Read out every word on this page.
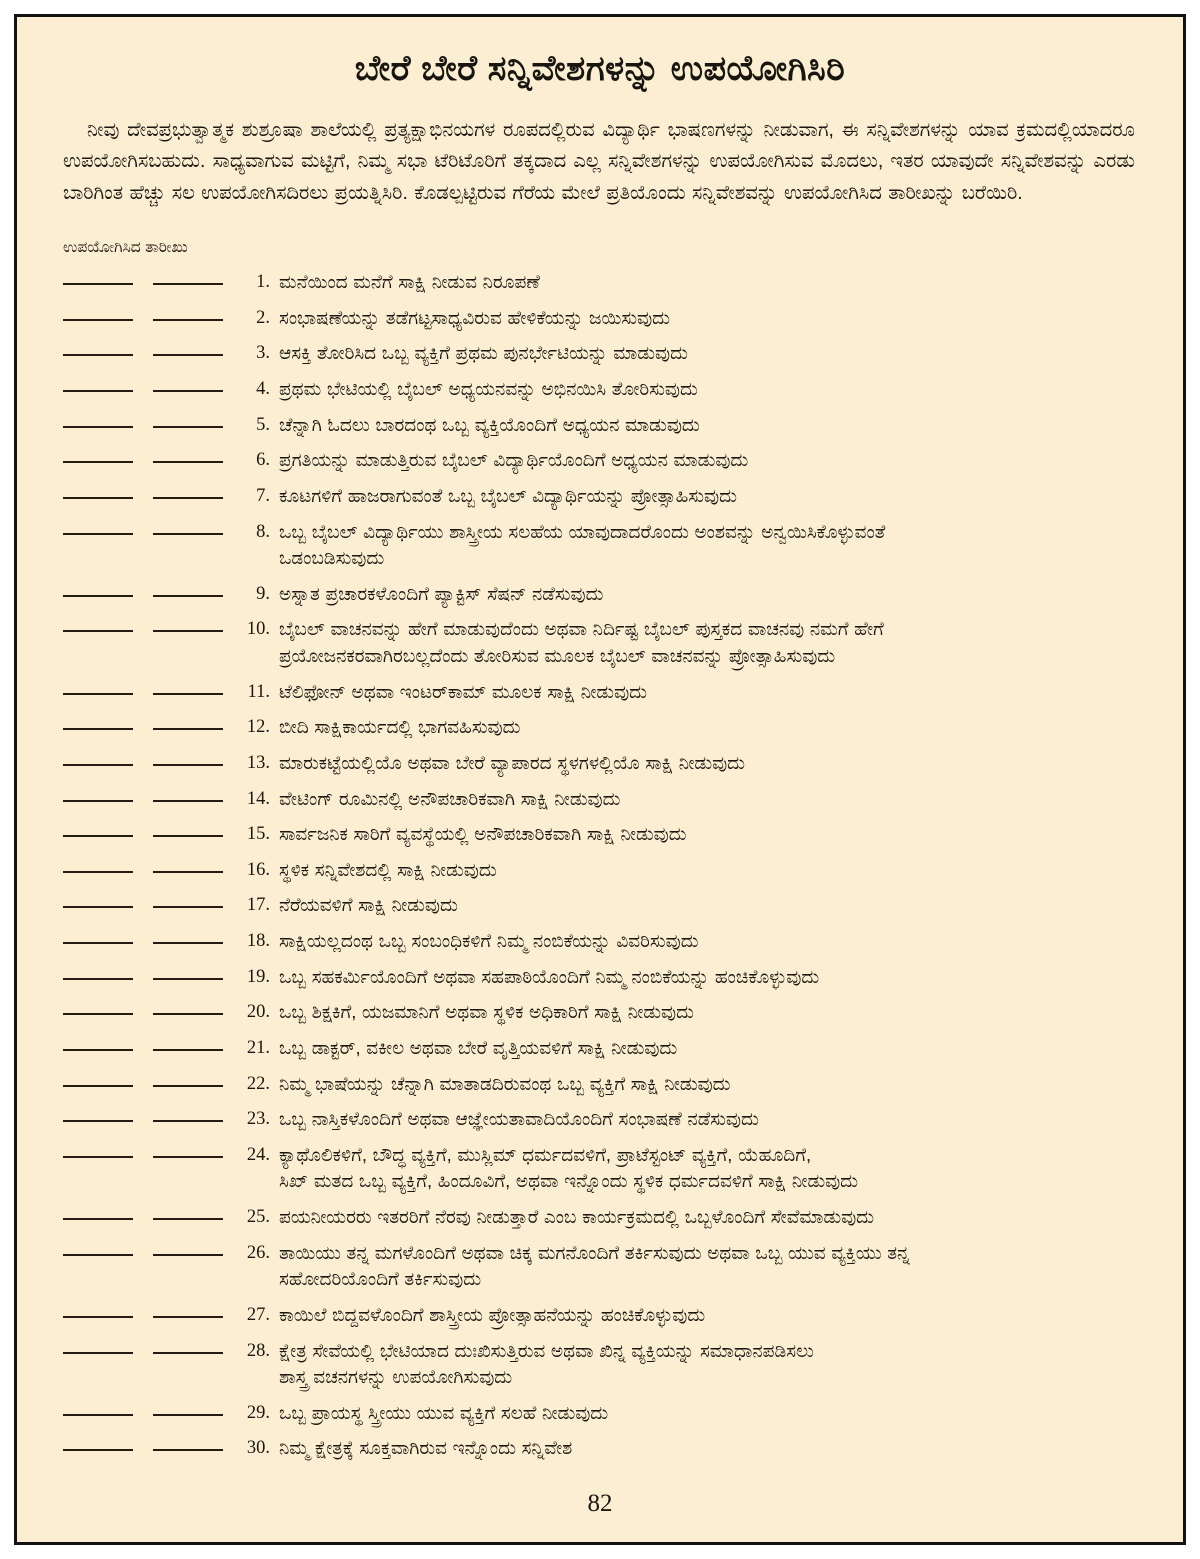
ಬೇರೆ ಬೇರೆ ಸನ್ನಿವೇಶಗಳನ್ನು ಉಪಯೋಗಿಸಿರಿ

ನೀವು ದೇವಪ್ರಭುತ್ವಾತ್ಮಕ ಶುಶ್ರೂಷಾ ಶಾಲೆಯಲ್ಲಿ ಪ್ರತ್ಯಕ್ಷಾಭಿನಯಗಳ ರೂಪದಲ್ಲಿರುವ ವಿದ್ಯಾರ್ಥಿ ಭಾಷಣಗಳನ್ನು ನೀಡುವಾಗ, ಈ ಸನ್ನಿವೇಶಗಳನ್ನು ಯಾವ ಕ್ರಮದಲ್ಲಿಯಾದರೂ ಉಪಯೋಗಿಸಬಹುದು. ಸಾಧ್ಯವಾಗುವ ಮಟ್ಟಿಗೆ, ನಿಮ್ಮ ಸಭಾ ಟೆರಿಟೊರಿಗೆ ತಕ್ಕದಾದ ಎಲ್ಲ ಸನ್ನಿವೇಶಗಳನ್ನು ಉಪಯೋಗಿಸುವ ಮೊದಲು, ಇತರ ಯಾವುದೇ ಸನ್ನಿವೇಶವನ್ನು ಎರಡು ಬಾರಿಗಿಂತ ಹೆಚ್ಚು ಸಲ ಉಪಯೋಗಿಸದಿರಲು ಪ್ರಯತ್ನಿಸಿರಿ. ಕೊಡಲ್ಪಟ್ಟಿರುವ ಗೆರೆಯ ಮೇಲೆ ಪ್ರತಿಯೊಂದು ಸನ್ನಿವೇಶವನ್ನು ಉಪಯೋಗಿಸಿದ ತಾರೀಖನ್ನು ಬರೆಯಿರಿ.

ಉಪಯೋಗಿಸಿದ ತಾರೀಖು
1. ಮನೆಯಿಂದ ಮನೆಗೆ ಸಾಕ್ಷಿ ನೀಡುವ ನಿರೂಪಣೆ
2. ಸಂಭಾಷಣೆಯನ್ನು ತಡೆಗಟ್ಟಸಾಧ್ಯವಿರುವ ಹೇಳಿಕೆಯನ್ನು ಜಯಿಸುವುದು
3. ಆಸಕ್ತಿ ತೋರಿಸಿದ ಒಬ್ಬ ವ್ಯಕ್ತಿಗೆ ಪ್ರಥಮ ಪುನರ್ಭೇಟಿಯನ್ನು ಮಾಡುವುದು
4. ಪ್ರಥಮ ಭೇಟಿಯಲ್ಲಿ ಬೈಬಲ್ ಅಧ್ಯಯನವನ್ನು ಅಭಿನಯಿಸಿ ತೋರಿಸುವುದು
5. ಚೆನ್ನಾಗಿ ಓದಲು ಬಾರದಂಥ ಒಬ್ಬ ವ್ಯಕ್ತಿಯೊಂದಿಗೆ ಅಧ್ಯಯನ ಮಾಡುವುದು
6. ಪ್ರಗತಿಯನ್ನು ಮಾಡುತ್ತಿರುವ ಬೈಬಲ್ ವಿದ್ಯಾರ್ಥಿಯೊಂದಿಗೆ ಅಧ್ಯಯನ ಮಾಡುವುದು
7. ಕೂಟಗಳಿಗೆ ಹಾಜರಾಗುವಂತೆ ಒಬ್ಬ ಬೈಬಲ್ ವಿದ್ಯಾರ್ಥಿಯನ್ನು ಪ್ರೋತ್ಸಾಹಿಸುವುದು
8. ಒಬ್ಬ ಬೈಬಲ್ ವಿದ್ಯಾರ್ಥಿಯು ಶಾಸ್ತ್ರೀಯ ಸಲಹೆಯ ಯಾವುದಾದರೊಂದು ಅಂಶವನ್ನು ಅನ್ವಯಿಸಿಕೊಳ್ಳುವಂತೆ
ಒಡಂಬಡಿಸುವುದು
9. ಅಸ್ನಾತ ಪ್ರಚಾರಕಳೊಂದಿಗೆ ಪ್ಯಾಕ್ಟಿಸ್ ಸೆಷನ್ ನಡೆಸುವುದು
10. ಬೈಬಲ್ ವಾಚನವನ್ನು ಹೇಗೆ ಮಾಡುವುದೆಂದು ಅಥವಾ ನಿರ್ದಿಷ್ಟ ಬೈಬಲ್ ಪುಸ್ತಕದ ವಾಚನವು ನಮಗೆ ಹೇಗೆ
ಪ್ರಯೋಜನಕರವಾಗಿರಬಲ್ಲದೆಂದು ತೋರಿಸುವ ಮೂಲಕ ಬೈಬಲ್ ವಾಚನವನ್ನು ಪ್ರೋತ್ಸಾಹಿಸುವುದು
11. ಟೆಲಿಫೋನ್ ಅಥವಾ ಇಂಟರ್‌ಕಾಮ್ ಮೂಲಕ ಸಾಕ್ಷಿ ನೀಡುವುದು
12. ಬೀದಿ ಸಾಕ್ಷಿಕಾರ್ಯದಲ್ಲಿ ಭಾಗವಹಿಸುವುದು
13. ಮಾರುಕಟ್ಟೆಯಲ್ಲಿಯೊ ಅಥವಾ ಬೇರೆ ವ್ಯಾಪಾರದ ಸ್ಥಳಗಳಲ್ಲಿಯೊ ಸಾಕ್ಷಿ ನೀಡುವುದು
14. ವೇಟಿಂಗ್ ರೂಮಿನಲ್ಲಿ ಅನೌಪಚಾರಿಕವಾಗಿ ಸಾಕ್ಷಿ ನೀಡುವುದು
15. ಸಾರ್ವಜನಿಕ ಸಾರಿಗೆ ವ್ಯವಸ್ಥೆಯಲ್ಲಿ ಅನೌಪಚಾರಿಕವಾಗಿ ಸಾಕ್ಷಿ ನೀಡುವುದು
16. ಸ್ಥಳಿಕ ಸನ್ನಿವೇಶದಲ್ಲಿ ಸಾಕ್ಷಿ ನೀಡುವುದು
17. ನೆರೆಯವಳಿಗೆ ಸಾಕ್ಷಿ ನೀಡುವುದು
18. ಸಾಕ್ಷಿಯಲ್ಲದಂಥ ಒಬ್ಬ ಸಂಬಂಧಿಕಳಿಗೆ ನಿಮ್ಮ ನಂಬಿಕೆಯನ್ನು ವಿವರಿಸುವುದು
19. ಒಬ್ಬ ಸಹಕರ್ಮಿಯೊಂದಿಗೆ ಅಥವಾ ಸಹಪಾಠಿಯೊಂದಿಗೆ ನಿಮ್ಮ ನಂಬಿಕೆಯನ್ನು ಹಂಚಿಕೊಳ್ಳುವುದು
20. ಒಬ್ಬ ಶಿಕ್ಷಕಿಗೆ, ಯಜಮಾನಿಗೆ ಅಥವಾ ಸ್ಥಳಿಕ ಅಧಿಕಾರಿಗೆ ಸಾಕ್ಷಿ ನೀಡುವುದು
21. ಒಬ್ಬ ಡಾಕ್ಟರ್, ವಕೀಲ ಅಥವಾ ಬೇರೆ ವೃತ್ತಿಯವಳಿಗೆ ಸಾಕ್ಷಿ ನೀಡುವುದು
22. ನಿಮ್ಮ ಭಾಷೆಯನ್ನು ಚೆನ್ನಾಗಿ ಮಾತಾಡದಿರುವಂಥ ಒಬ್ಬ ವ್ಯಕ್ತಿಗೆ ಸಾಕ್ಷಿ ನೀಡುವುದು
23. ಒಬ್ಬ ನಾಸ್ತಿಕಳೊಂದಿಗೆ ಅಥವಾ ಆಜ್ಞೇಯತಾವಾದಿಯೊಂದಿಗೆ ಸಂಭಾಷಣೆ ನಡೆಸುವುದು
24. ಕ್ಯಾಥೊಲಿಕಳಿಗೆ, ಬೌದ್ಧ ವ್ಯಕ್ತಿಗೆ, ಮುಸ್ಲಿಮ್ ಧರ್ಮದವಳಿಗೆ, ಪ್ರಾಟೆಸ್ಟಂಟ್ ವ್ಯಕ್ತಿಗೆ, ಯೆಹೂದಿಗೆ,
ಸಿಖ್ ಮತದ ಒಬ್ಬ ವ್ಯಕ್ತಿಗೆ, ಹಿಂದೂವಿಗೆ, ಅಥವಾ ಇನ್ನೊಂದು ಸ್ಥಳಿಕ ಧರ್ಮದವಳಿಗೆ ಸಾಕ್ಷಿ ನೀಡುವುದು
25. ಪಯನೀಯರರು ಇತರರಿಗೆ ನೆರವು ನೀಡುತ್ತಾರೆ ಎಂಬ ಕಾರ್ಯಕ್ರಮದಲ್ಲಿ ಒಬ್ಬಳೊಂದಿಗೆ ಸೇವೆಮಾಡುವುದು
26. ತಾಯಿಯು ತನ್ನ ಮಗಳೊಂದಿಗೆ ಅಥವಾ ಚಿಕ್ಕ ಮಗನೊಂದಿಗೆ ತರ್ಕಿಸುವುದು ಅಥವಾ ಒಬ್ಬ ಯುವ ವ್ಯಕ್ತಿಯು ತನ್ನ
ಸಹೋದರಿಯೊಂದಿಗೆ ತರ್ಕಿಸುವುದು
27. ಕಾಯಿಲೆ ಬಿದ್ದವಳೊಂದಿಗೆ ಶಾಸ್ತ್ರೀಯ ಪ್ರೋತ್ಸಾಹನೆಯನ್ನು ಹಂಚಿಕೊಳ್ಳುವುದು
28. ಕ್ಷೇತ್ರ ಸೇವೆಯಲ್ಲಿ ಭೇಟಿಯಾದ ದುಃಖಿಸುತ್ತಿರುವ ಅಥವಾ ಖಿನ್ನ ವ್ಯಕ್ತಿಯನ್ನು ಸಮಾಧಾನಪಡಿಸಲು
ಶಾಸ್ತ್ರ ವಚನಗಳನ್ನು ಉಪಯೋಗಿಸುವುದು
29. ಒಬ್ಬ ಪ್ರಾಯಸ್ಥ ಸ್ತ್ರೀಯು ಯುವ ವ್ಯಕ್ತಿಗೆ ಸಲಹೆ ನೀಡುವುದು
30. ನಿಮ್ಮ ಕ್ಷೇತ್ರಕ್ಕೆ ಸೂಕ್ತವಾಗಿರುವ ಇನ್ನೊಂದು ಸನ್ನಿವೇಶ
82
